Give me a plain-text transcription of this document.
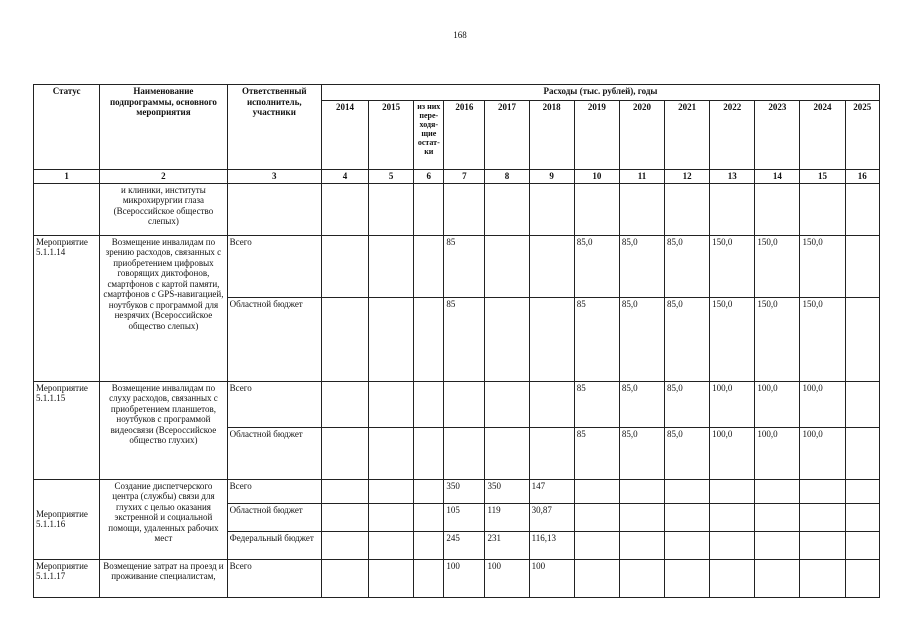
168
Статус	Наименование подпрограммы, основного мероприятия	Ответственный исполнитель, участники	Расходы (тыс. рублей), годы												
			2014	2015	из них пере-ходя-щие остат-ки	2016	2017	2018	2019	2020	2021	2022	2023	2024	2025
1	2	3	4	5	6	7	8	9	10	11	12	13	14	15	16
	и клиники, институты микрохирургии глаза (Всероссийское общество слепых)														
Мероприятие 5.1.1.14	Возмещение инвалидам по зрению расходов, связанных с приобретением цифровых говорящих диктофонов, смартфонов с картой памяти, смартфонов с GPS-навигацией, ноутбуков с программой для незрячих (Всероссийское общество слепых)	Всего				85			85,0	85,0	85,0	150,0	150,0	150,0	
		Областной бюджет				85			85	85,0	85,0	150,0	150,0	150,0	
Мероприятие 5.1.1.15	Возмещение инвалидам по слуху расходов, связанных с приобретением планшетов, ноутбуков с программой видеосвязи (Всероссийское общество глухих)	Всего							85	85,0	85,0	100,0	100,0	100,0	
		Областной бюджет							85	85,0	85,0	100,0	100,0	100,0	
Мероприятие 5.1.1.16	Создание диспетчерского центра (службы) связи для глухих с целью оказания экстренной и социальной помощи, удаленных рабочих мест	Всего				350	350	147							
		Областной бюджет				105	119	30,87							
		Федеральный бюджет				245	231	116,13							
Мероприятие 5.1.1.17	Возмещение затрат на проезд и проживание специалистам,	Всего				100	100	100							
